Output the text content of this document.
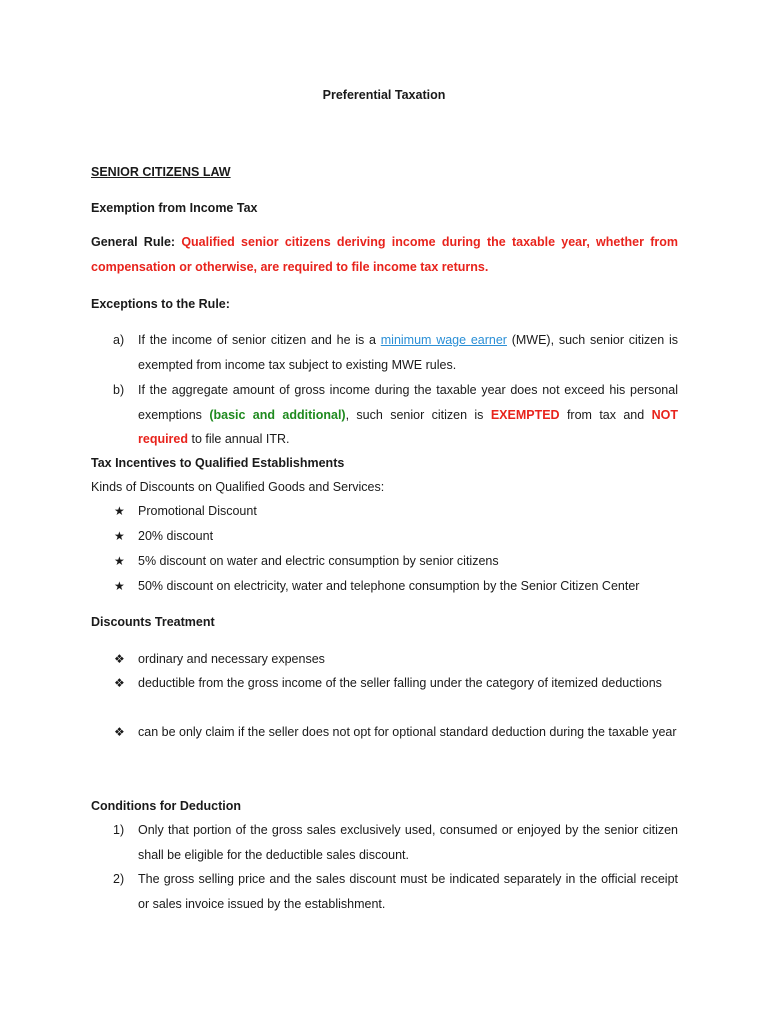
Preferential Taxation
SENIOR CITIZENS LAW
Exemption from Income Tax
General Rule: Qualified senior citizens deriving income during the taxable year, whether from compensation or otherwise, are required to file income tax returns.
Exceptions to the Rule:
a) If the income of senior citizen and he is a minimum wage earner (MWE), such senior citizen is exempted from income tax subject to existing MWE rules.
b) If the aggregate amount of gross income during the taxable year does not exceed his personal exemptions (basic and additional), such senior citizen is EXEMPTED from tax and NOT required to file annual ITR.
Tax Incentives to Qualified Establishments
Kinds of Discounts on Qualified Goods and Services:
★ Promotional Discount
★ 20% discount
★ 5% discount on water and electric consumption by senior citizens
★ 50% discount on electricity, water and telephone consumption by the Senior Citizen Center
Discounts Treatment
❖ ordinary and necessary expenses
❖ deductible from the gross income of the seller falling under the category of itemized deductions
❖ can be only claim if the seller does not opt for optional standard deduction during the taxable year
Conditions for Deduction
1) Only that portion of the gross sales exclusively used, consumed or enjoyed by the senior citizen shall be eligible for the deductible sales discount.
2) The gross selling price and the sales discount must be indicated separately in the official receipt or sales invoice issued by the establishment.
